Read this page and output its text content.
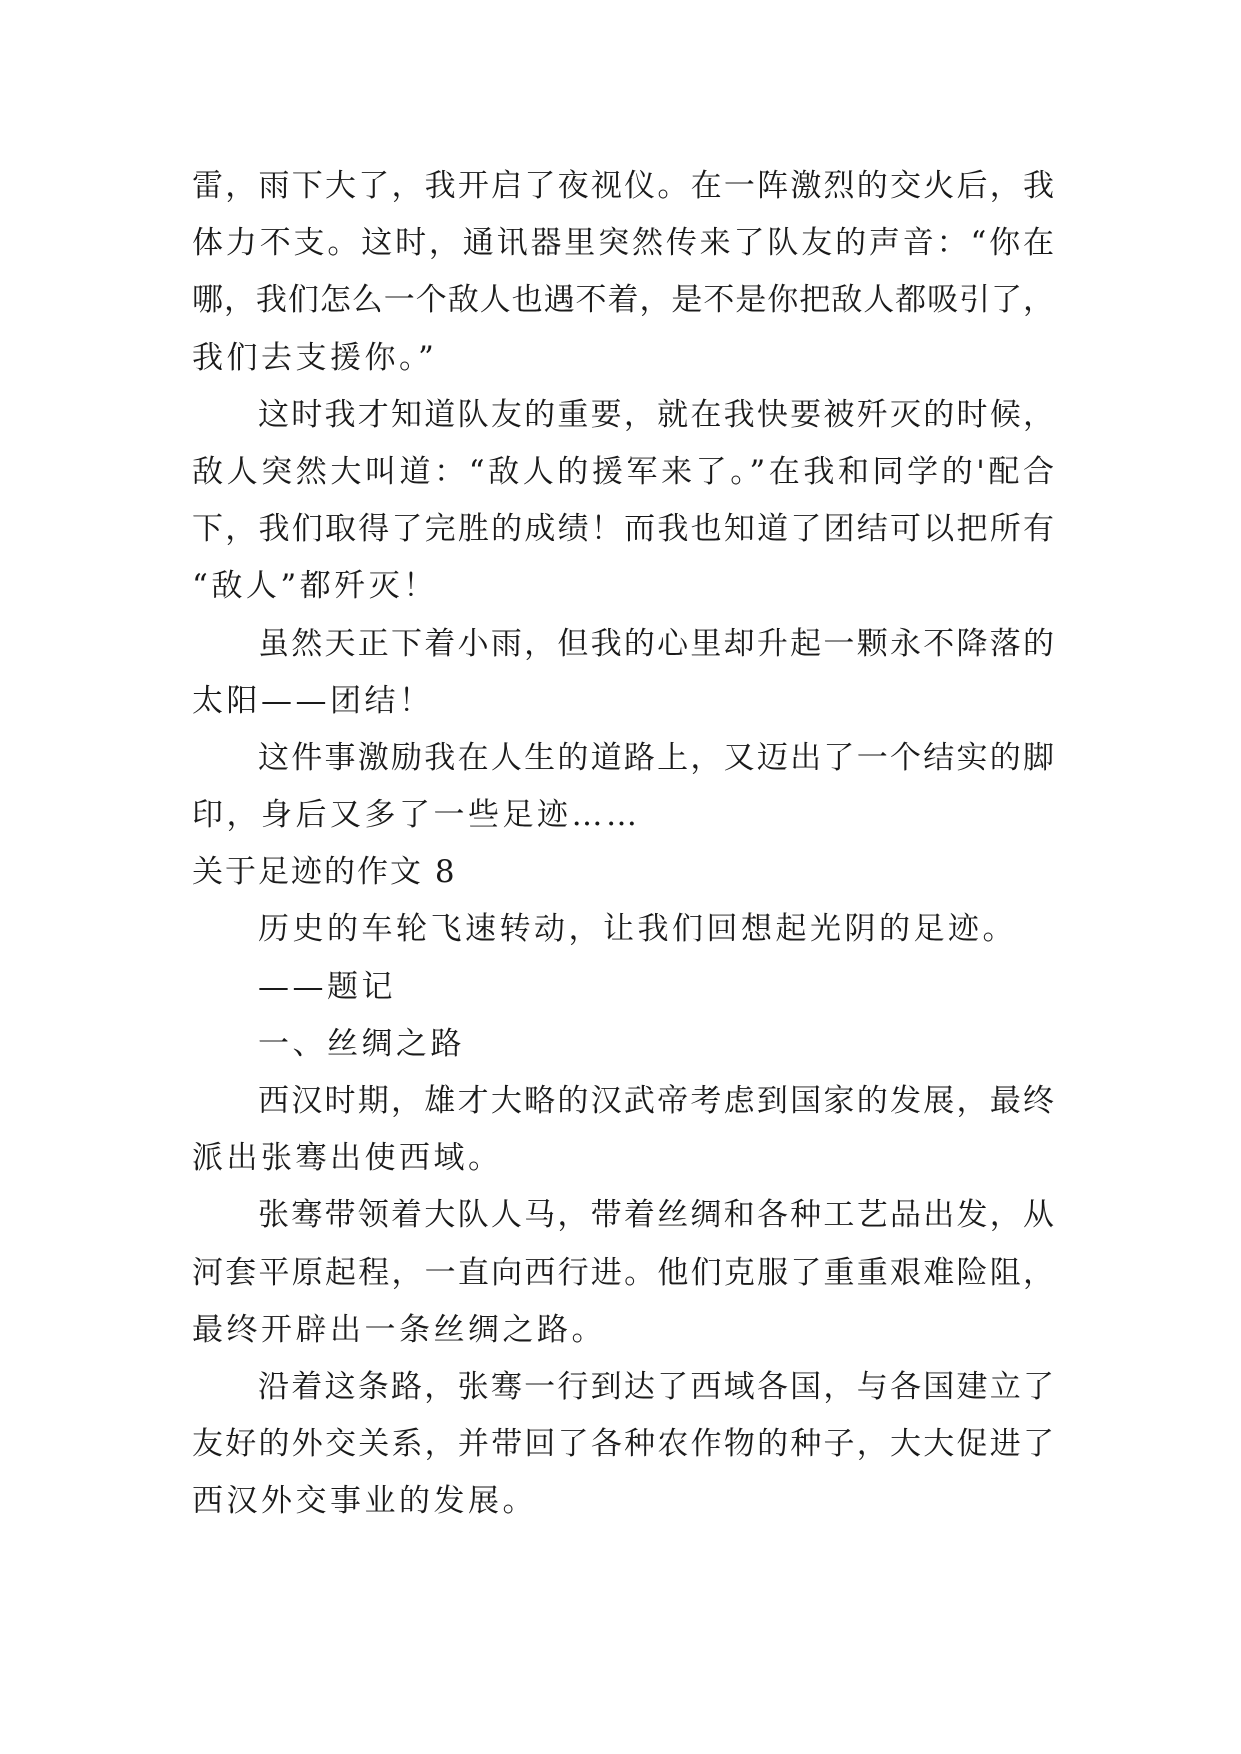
雷，雨下大了，我开启了夜视仪。在一阵激烈的交火后，我
体力不支。这时，通讯器里突然传来了队友的声音：“你在
哪，我们怎么一个敌人也遇不着，是不是你把敌人都吸引了，
我们去支援你。”
这时我才知道队友的重要，就在我快要被歼灭的时候，
敌人突然大叫道：“敌人的援军来了。”在我和同学的'配合
下，我们取得了完胜的成绩！而我也知道了团结可以把所有
“敌人”都歼灭！
虽然天正下着小雨，但我的心里却升起一颗永不降落的
太阳——团结！
这件事激励我在人生的道路上，又迈出了一个结实的脚
印，身后又多了一些足迹……
关于足迹的作文 8
历史的车轮飞速转动，让我们回想起光阴的足迹。
——题记
一、丝绸之路
西汉时期，雄才大略的汉武帝考虑到国家的发展，最终
派出张骞出使西域。
张骞带领着大队人马，带着丝绸和各种工艺品出发，从
河套平原起程，一直向西行进。他们克服了重重艰难险阻，
最终开辟出一条丝绸之路。
沿着这条路，张骞一行到达了西域各国，与各国建立了
友好的外交关系，并带回了各种农作物的种子，大大促进了
西汉外交事业的发展。
